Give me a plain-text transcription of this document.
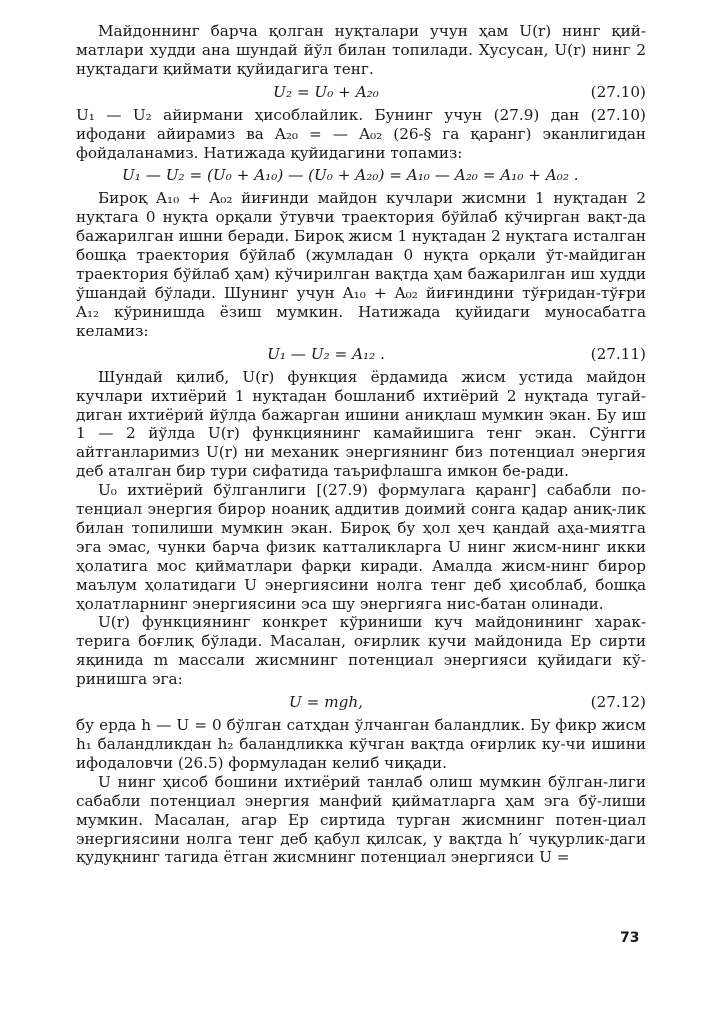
Майдоннинг барча қолган нуқталари учун ҳам U(r) нинг қий-матлари худди ана шундай йўл билан топилади. Хусусан, U(r) нинг 2 нуқтадаги қиймати қуйидагига тенг.

U₂ = U₀ + A₂₀	(27.10)

U₁ — U₂ айирмани ҳисоблайлик. Бунинг учун (27.9) дан (27.10) ифодани айирамиз ва A₂₀ = — A₀₂ (26-§ га қаранг) эканлигидан фойдаланамиз. Натижада қуйидагини топамиз:

U₁ — U₂ = (U₀ + A₁₀) — (U₀ + A₂₀) = A₁₀ — A₂₀ = A₁₀ + A₀₂ .

Бироқ A₁₀ + A₀₂ йиғинди майдон кучлари жисмни 1 нуқтадан 2 нуқтага 0 нуқта орқали ўтувчи траектория бўйлаб кўчирган вақт-да бажарилган ишни беради. Бироқ жисм 1 нуқтадан 2 нуқтага исталган бошқа траектория бўйлаб (жумладан 0 нуқта орқали ўт-майдиган траектория бўйлаб ҳам) кўчирилган вақтда ҳам бажарилган иш худди ўшандай бўлади. Шунинг учун A₁₀ + A₀₂ йиғиндини тўғридан-тўғри A₁₂ кўринишда ёзиш мумкин. Натижада қуйидаги муносабатга келамиз:

U₁ — U₂ = A₁₂ .	(27.11)

Шундай қилиб, U(r) функция ёрдамида жисм устида майдон кучлари ихтиёрий 1 нуқтадан бошланиб ихтиёрий 2 нуқтада тугай-диган ихтиёрий йўлда бажарган ишини аниқлаш мумкин экан. Бу иш 1 — 2 йўлда U(r) функциянинг камайишига тенг экан. Сўнгги айтганларимиз U(r) ни механик энергиянинг биз потенциал энергия деб аталган бир тури сифатида таърифлашга имкон бе-ради.

U₀ ихтиёрий бўлганлиги [(27.9) формулага қаранг] сабабли по-тенциал энергия бирор ноаниқ аддитив доимий сонга қадар аниқ-лик билан топилиши мумкин экан. Бироқ бу ҳол ҳеч қандай аҳа-миятга эга эмас, чунки барча физик катталикларга U нинг жисм-нинг икки ҳолатига мос қийматлари фарқи киради. Амалда жисм-нинг бирор маълум ҳолатидаги U энергиясини нолга тенг деб ҳисоблаб, бошқа ҳолатларнинг энергиясини эса шу энергияга нис-батан олинади.

U(r) функциянинг конкрет кўриниши куч майдонининг харак-терига боғлиқ бўлади. Масалан, оғирлик кучи майдонида Ер сирти яқинида m массали жисмнинг потенциал энергияси қуйидаги кў-ринишга эга:

U = mgh,	(27.12)

бу ерда h — U = 0 бўлган сатҳдан ўлчанган баландлик. Бу фикр жисм h₁ баландликдан h₂ баландликка кўчган вақтда оғирлик ку-чи ишини ифодаловчи (26.5) формуладан келиб чиқади.

U нинг ҳисоб бошини ихтиёрий танлаб олиш мумкин бўлган-лиги сабабли потенциал энергия манфий қийматларга ҳам эга бў-лиши мумкин. Масалан, агар Ер сиртида турган жисмнинг потен-циал энергиясини нолга тенг деб қабул қилсак, у вақтда h′ чуқурлик-даги қудуқнинг тагида ётган жисмнинг потенциал энергияси U =

73
